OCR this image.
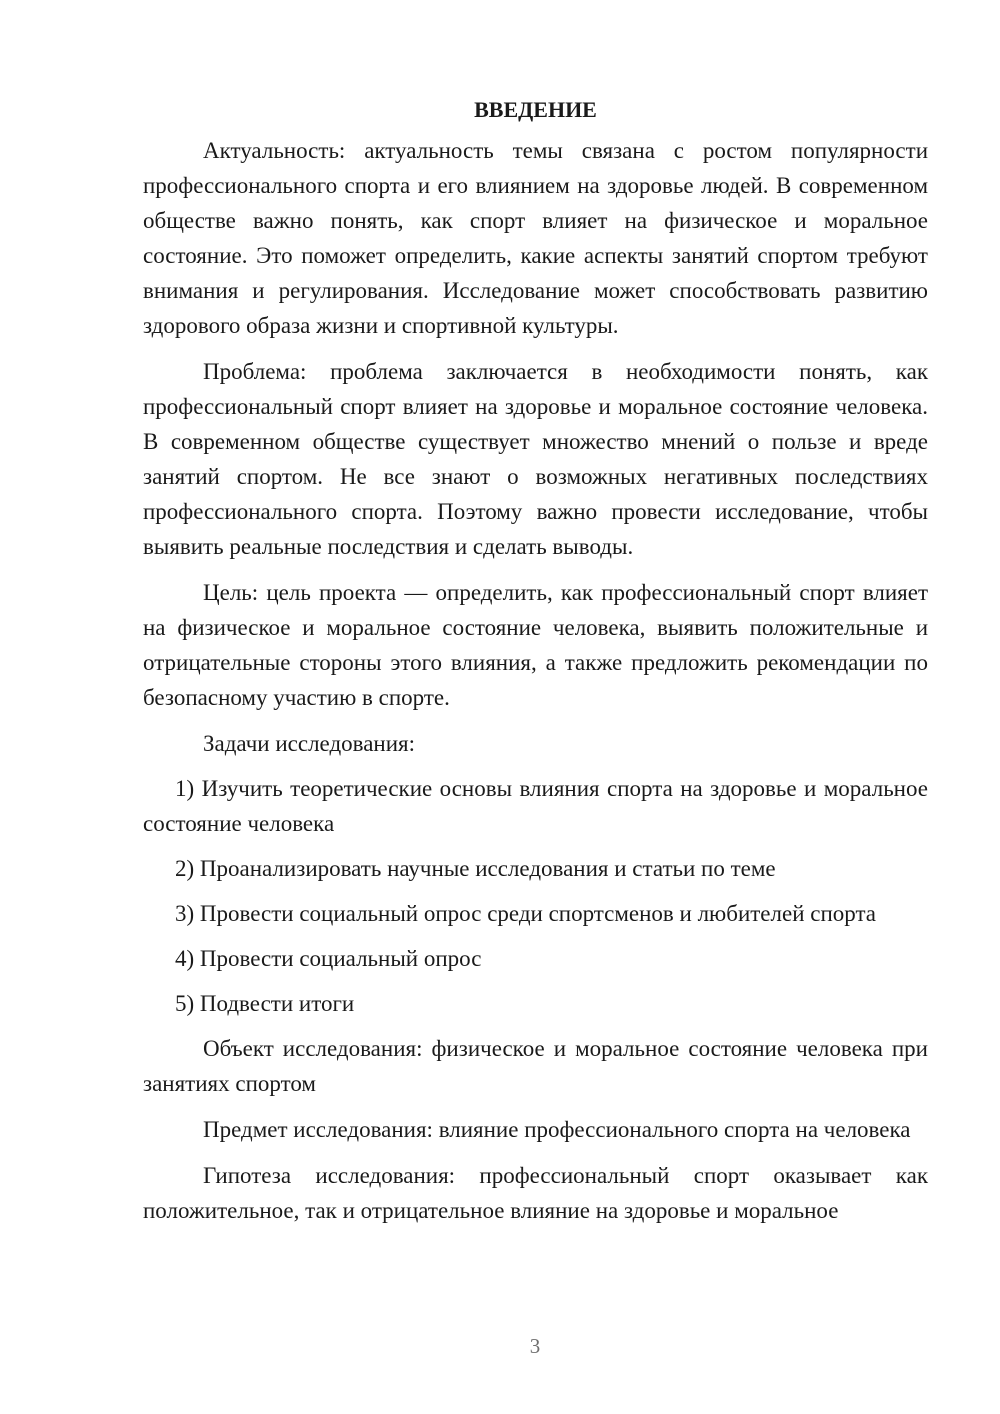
ВВЕДЕНИЕ

Актуальность: актуальность темы связана с ростом популярности профессионального спорта и его влиянием на здоровье людей. В современном обществе важно понять, как спорт влияет на физическое и моральное состояние. Это поможет определить, какие аспекты занятий спортом требуют внимания и регулирования. Исследование может способствовать развитию здорового образа жизни и спортивной культуры.

Проблема: проблема заключается в необходимости понять, как профессиональный спорт влияет на здоровье и моральное состояние человека. В современном обществе существует множество мнений о пользе и вреде занятий спортом. Не все знают о возможных негативных последствиях профессионального спорта. Поэтому важно провести исследование, чтобы выявить реальные последствия и сделать выводы.

Цель: цель проекта — определить, как профессиональный спорт влияет на физическое и моральное состояние человека, выявить положительные и отрицательные стороны этого влияния, а также предложить рекомендации по безопасному участию в спорте.

Задачи исследования:

1) Изучить теоретические основы влияния спорта на здоровье и моральное состояние человека

2) Проанализировать научные исследования и статьи по теме

3) Провести социальный опрос среди спортсменов и любителей спорта

4) Провести социальный опрос

5) Подвести итоги

Объект исследования: физическое и моральное состояние человека при занятиях спортом

Предмет исследования: влияние профессионального спорта на человека

Гипотеза исследования: профессиональный спорт оказывает как положительное, так и отрицательное влияние на здоровье и моральное

3
